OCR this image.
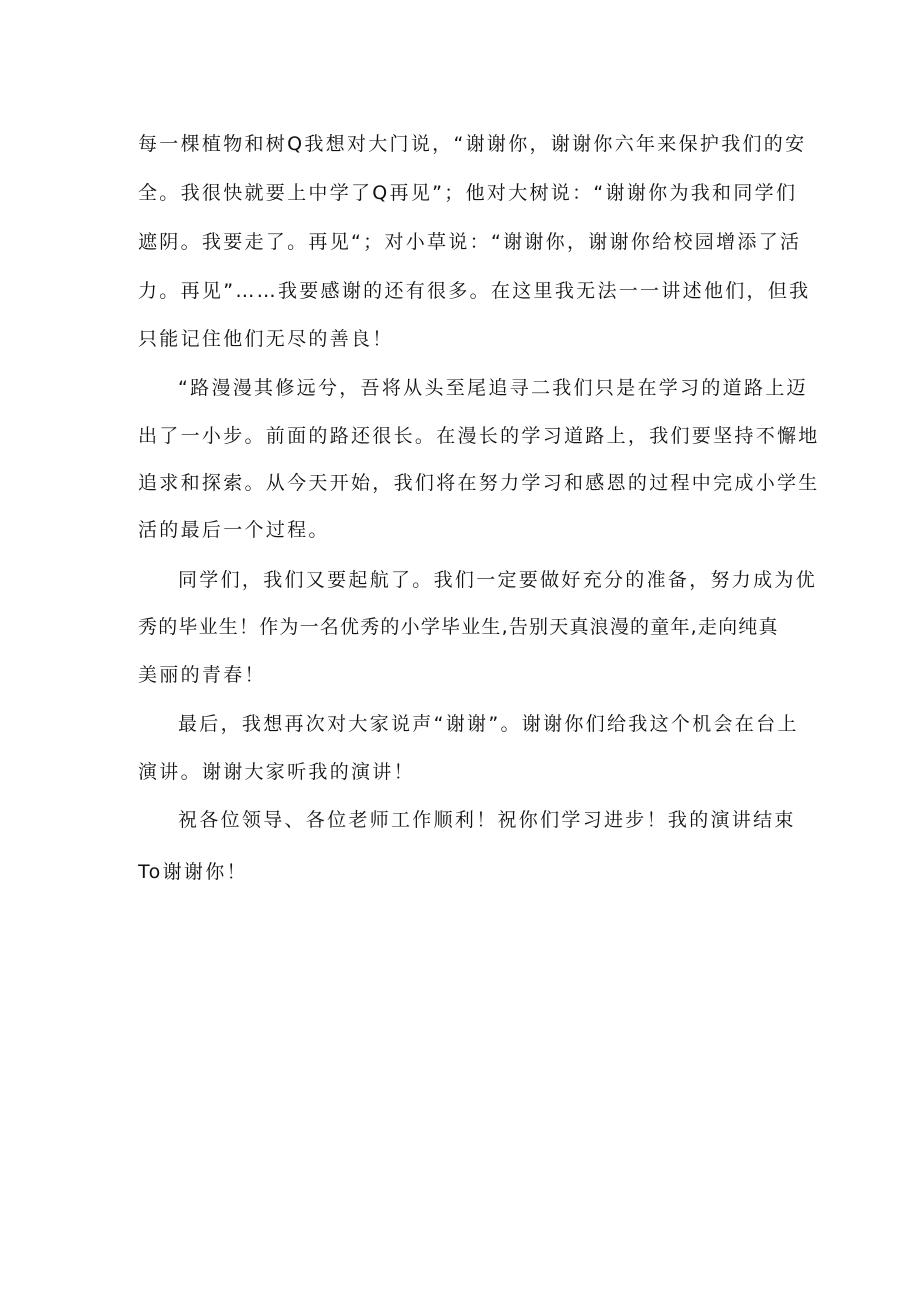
每一棵植物和树Q我想对大门说，“谢谢你，谢谢你六年来保护我们的安
全。我很快就要上中学了Q再见”；他对大树说：“谢谢你为我和同学们
遮阴。我要走了。再见“；对小草说：“谢谢你，谢谢你给校园增添了活
力。再见”……我要感谢的还有很多。在这里我无法一一讲述他们，但我
只能记住他们无尽的善良！
“路漫漫其修远兮，吾将从头至尾追寻二我们只是在学习的道路上迈
出了一小步。前面的路还很长。在漫长的学习道路上，我们要坚持不懈地
追求和探索。从今天开始，我们将在努力学习和感恩的过程中完成小学生
活的最后一个过程。
同学们，我们又要起航了。我们一定要做好充分的准备，努力成为优
秀的毕业生！作为一名优秀的小学毕业生,告别天真浪漫的童年,走向纯真
美丽的青春！
最后，我想再次对大家说声“谢谢”。谢谢你们给我这个机会在台上
演讲。谢谢大家听我的演讲！
祝各位领导、各位老师工作顺利！祝你们学习进步！我的演讲结束
To谢谢你！
